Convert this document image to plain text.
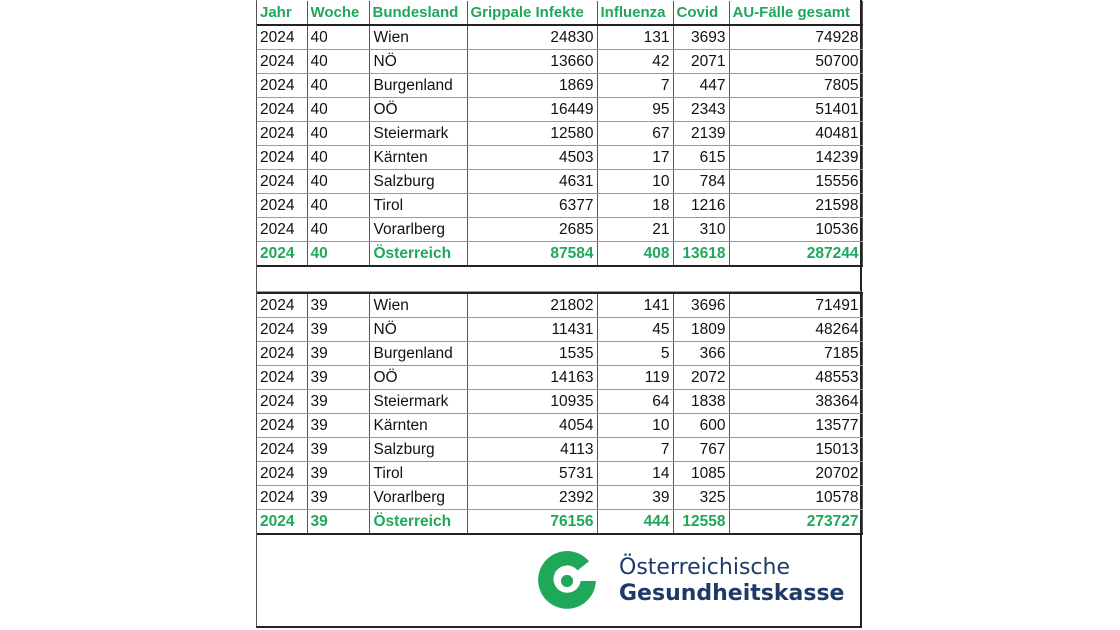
Jahr	Woche	Bundesland	Grippale Infekte	Influenza	Covid	AU-Fälle gesamt
2024	40	Wien	24830	131	3693	74928
2024	40	NÖ	13660	42	2071	50700
2024	40	Burgenland	1869	7	447	7805
2024	40	OÖ	16449	95	2343	51401
2024	40	Steiermark	12580	67	2139	40481
2024	40	Kärnten	4503	17	615	14239
2024	40	Salzburg	4631	10	784	15556
2024	40	Tirol	6377	18	1216	21598
2024	40	Vorarlberg	2685	21	310	10536
2024	40	Österreich	87584	408	13618	287244
2024	39	Wien	21802	141	3696	71491
2024	39	NÖ	11431	45	1809	48264
2024	39	Burgenland	1535	5	366	7185
2024	39	OÖ	14163	119	2072	48553
2024	39	Steiermark	10935	64	1838	38364
2024	39	Kärnten	4054	10	600	13577
2024	39	Salzburg	4113	7	767	15013
2024	39	Tirol	5731	14	1085	20702
2024	39	Vorarlberg	2392	39	325	10578
2024	39	Österreich	76156	444	12558	273727
Österreichische
Gesundheitskasse
